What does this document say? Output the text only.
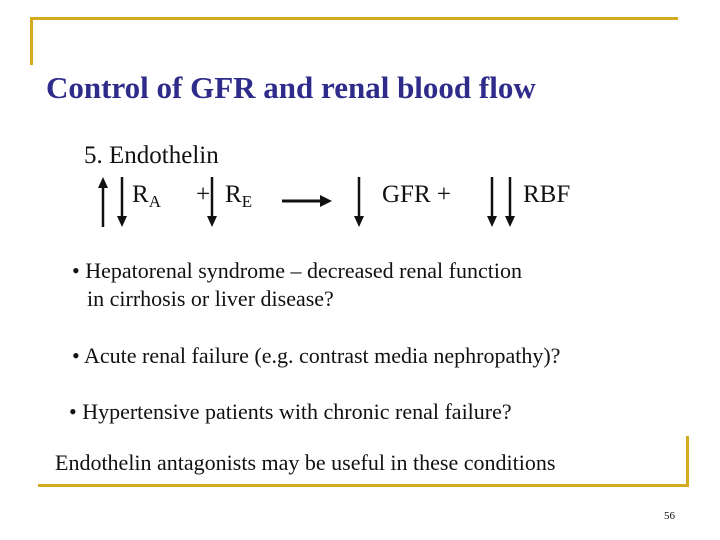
Control of GFR and renal blood flow
5. Endothelin
$R_A + R_E$	GFR +	RBF
• Hepatorenal syndrome – decreased renal function
in cirrhosis or liver disease?
• Acute renal failure (e.g. contrast media nephropathy)?
• Hypertensive patients with chronic renal failure?
Endothelin antagonists may be useful in these conditions
56
